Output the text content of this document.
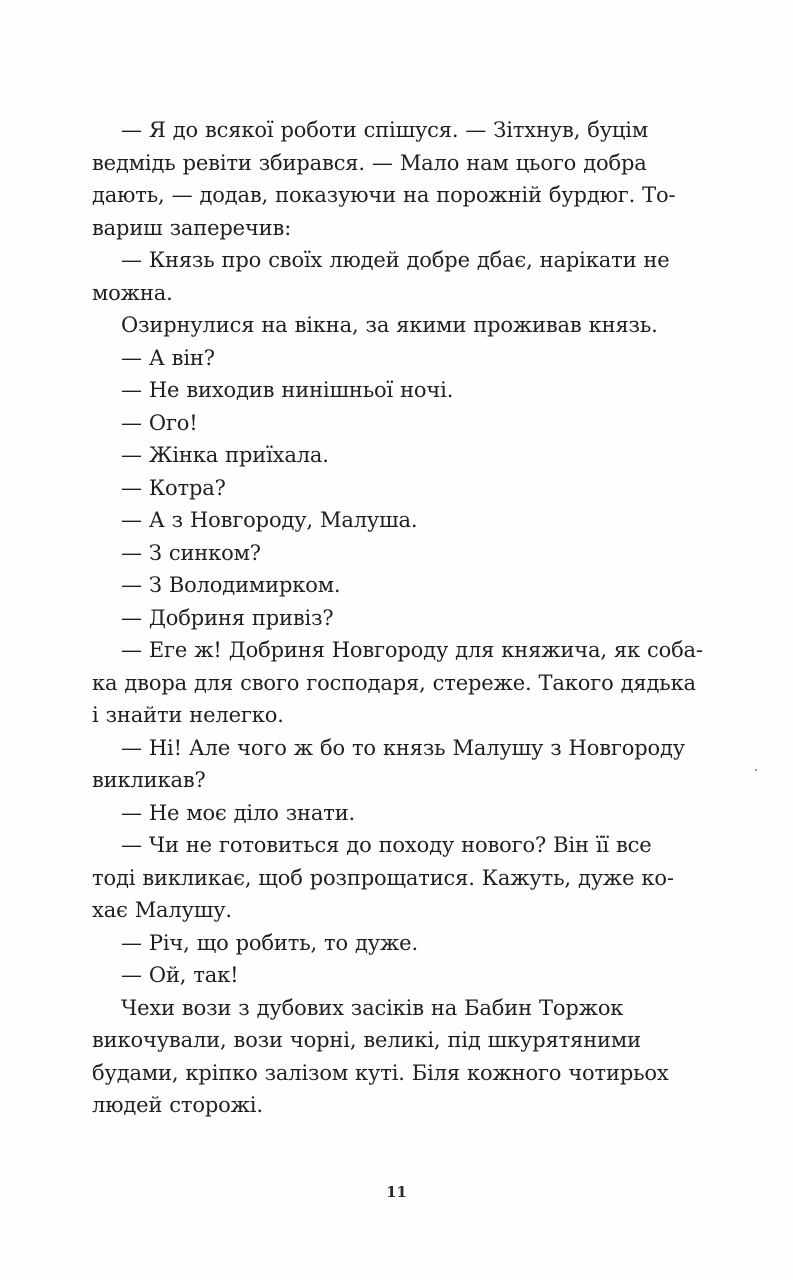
— Я до всякої роботи спішуся. — Зітхнув, буцім
ведмідь ревіти збирався. — Мало нам цього добра
дають, — додав, показуючи на порожній бурдюг. То-
вариш заперечив:
— Князь про своїх людей добре дбає, нарікати не
можна.
Озирнулися на вікна, за якими проживав князь.
— А він?
— Не виходив нинішньої ночі.
— Ого!
— Жінка приїхала.
— Котра?
— А з Новгороду, Малуша.
— З синком?
— З Володимирком.
— Добриня привіз?
— Еге ж! Добриня Новгороду для княжича, як соба-
ка двора для свого господаря, стереже. Такого дядька
і знайти нелегко.
— Ні! Але чого ж бо то князь Малушу з Новгороду
викликав?
— Не моє діло знати.
— Чи не готовиться до походу нового? Він її все
тоді викликає, щоб розпрощатися. Кажуть, дуже ко-
хає Малушу.
— Річ, що робить, то дуже.
— Ой, так!
Чехи вози з дубових засіків на Бабин Торжок
викочували, вози чорні, великі, під шкурятяними
будами, кріпко залізом куті. Біля кожного чотирьох
людей сторожі.
11
